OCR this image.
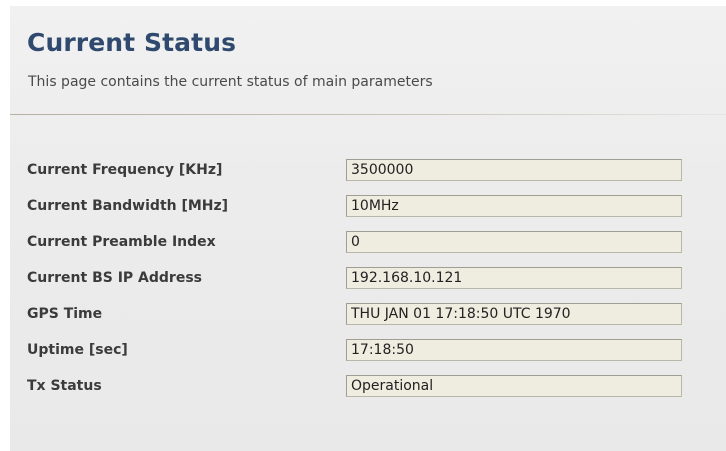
Current Status

This page contains the current status of main parameters

Current Frequency [KHz]
3500000
Current Bandwidth [MHz]
10MHz
Current Preamble Index
0
Current BS IP Address
192.168.10.121
GPS Time
THU JAN 01 17:18:50 UTC 1970
Uptime [sec]
17:18:50
Tx Status
Operational
